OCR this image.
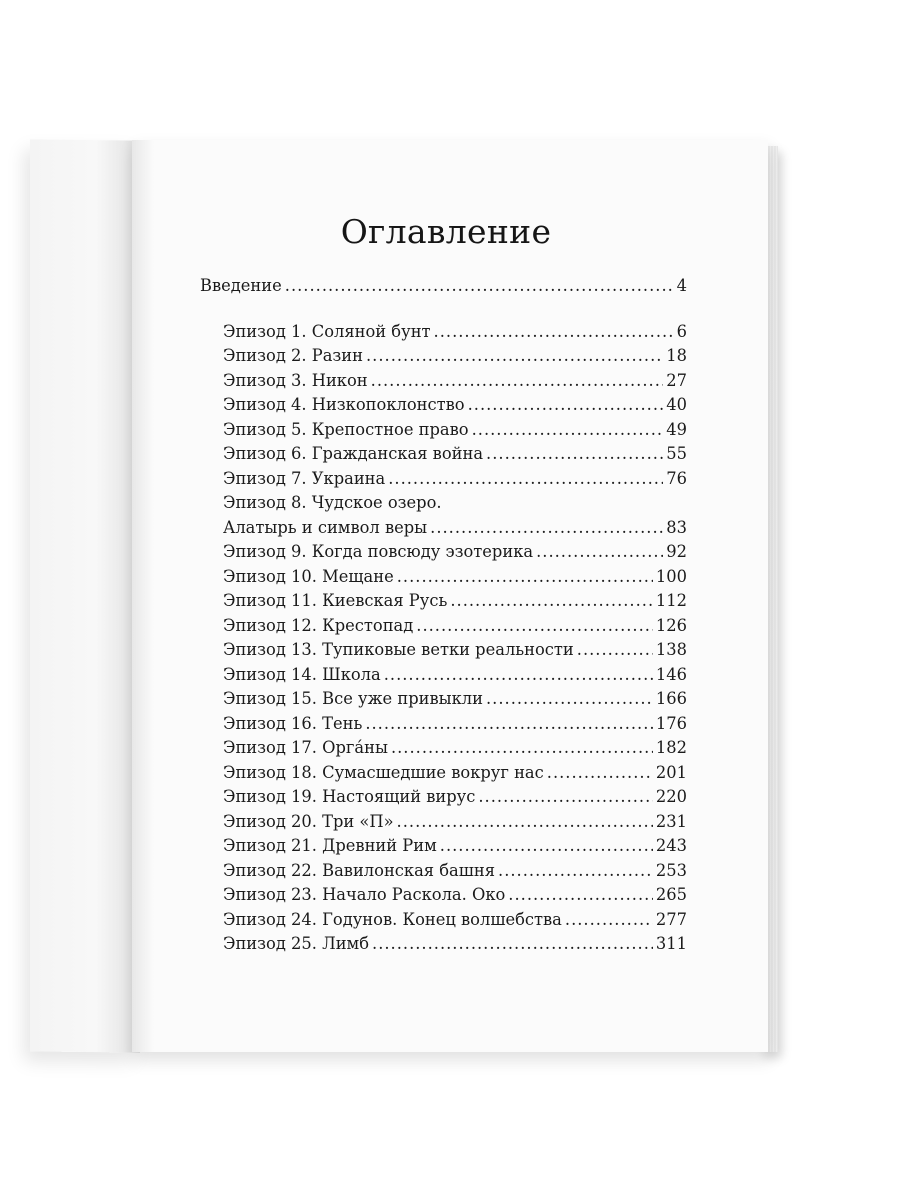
Оглавление
Введение .....	4
Эпизод 1. Соляной бунт .....	6
Эпизод 2. Разин .....	18
Эпизод 3. Никон .....	27
Эпизод 4. Низкопоклонство .....	40
Эпизод 5. Крепостное право .....	49
Эпизод 6. Гражданская война .....	55
Эпизод 7. Украина .....	76
Эпизод 8. Чудское озеро.
Алатырь и символ веры .....	83
Эпизод 9. Когда повсюду эзотерика .....	92
Эпизод 10. Мещане .....	100
Эпизод 11. Киевская Русь .....	112
Эпизод 12. Крестопад .....	126
Эпизод 13. Тупиковые ветки реальности .....	138
Эпизод 14. Школа .....	146
Эпизод 15. Все уже привыкли .....	166
Эпизод 16. Тень .....	176
Эпизод 17. Орга́ны .....	182
Эпизод 18. Сумасшедшие вокруг нас .....	201
Эпизод 19. Настоящий вирус .....	220
Эпизод 20. Три «П» .....	231
Эпизод 21. Древний Рим .....	243
Эпизод 22. Вавилонская башня .....	253
Эпизод 23. Начало Раскола. Око .....	265
Эпизод 24. Годунов. Конец волшебства .....	277
Эпизод 25. Лимб .....	311
